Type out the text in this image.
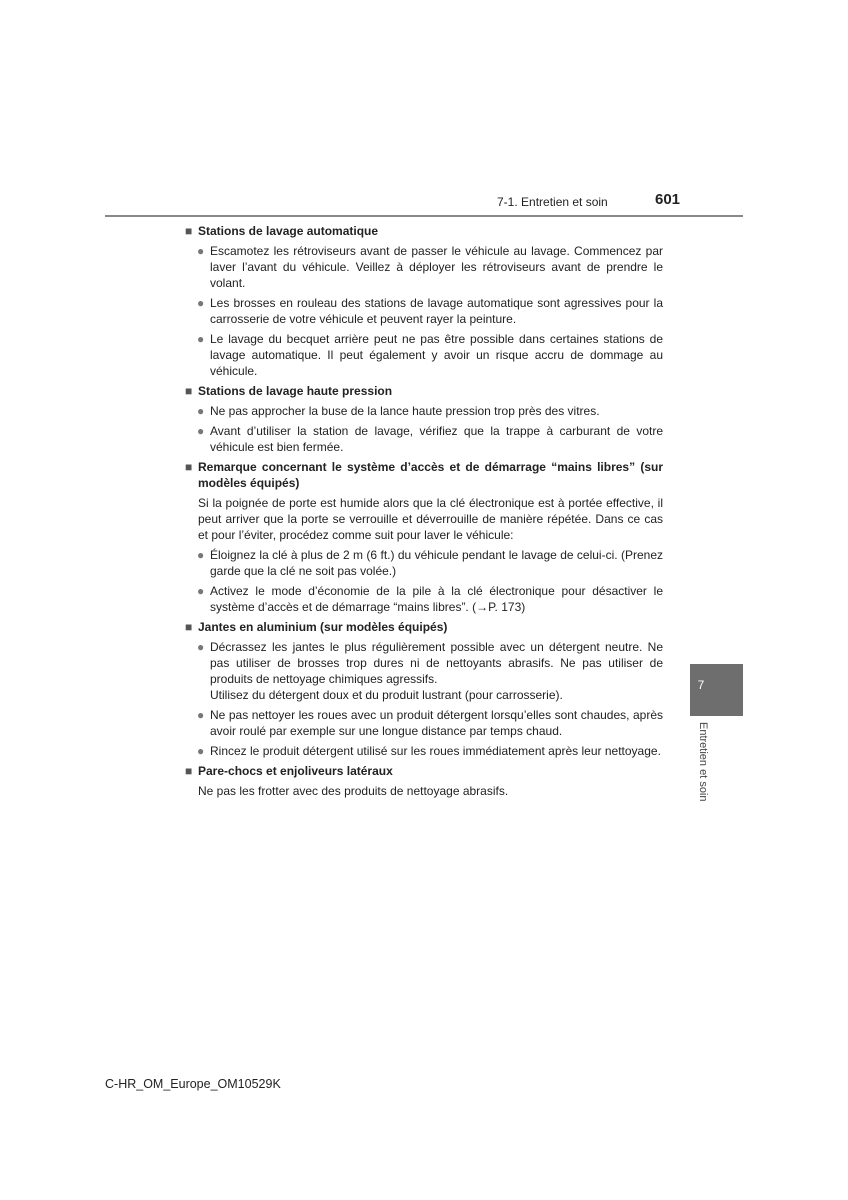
7-1. Entretien et soin	601
■ Stations de lavage automatique
● Escamotez les rétroviseurs avant de passer le véhicule au lavage. Commencez par laver l’avant du véhicule. Veillez à déployer les rétroviseurs avant de prendre le volant.
● Les brosses en rouleau des stations de lavage automatique sont agressives pour la carrosserie de votre véhicule et peuvent rayer la peinture.
● Le lavage du becquet arrière peut ne pas être possible dans certaines stations de lavage automatique. Il peut également y avoir un risque accru de dommage au véhicule.
■ Stations de lavage haute pression
● Ne pas approcher la buse de la lance haute pression trop près des vitres.
● Avant d’utiliser la station de lavage, vérifiez que la trappe à carburant de votre véhicule est bien fermée.
■ Remarque concernant le système d’accès et de démarrage “mains libres” (sur modèles équipés)
Si la poignée de porte est humide alors que la clé électronique est à portée effective, il peut arriver que la porte se verrouille et déverrouille de manière répétée. Dans ce cas et pour l’éviter, procédez comme suit pour laver le véhicule:
● Éloignez la clé à plus de 2 m (6 ft.) du véhicule pendant le lavage de celui-ci. (Prenez garde que la clé ne soit pas volée.)
● Activez le mode d’économie de la pile à la clé électronique pour désactiver le système d’accès et de démarrage “mains libres”. (→P. 173)
■ Jantes en aluminium (sur modèles équipés)
● Décrassez les jantes le plus régulièrement possible avec un détergent neutre. Ne pas utiliser de brosses trop dures ni de nettoyants abrasifs. Ne pas utiliser de produits de nettoyage chimiques agressifs.
Utilisez du détergent doux et du produit lustrant (pour carrosserie).
● Ne pas nettoyer les roues avec un produit détergent lorsqu’elles sont chaudes, après avoir roulé par exemple sur une longue distance par temps chaud.
● Rincez le produit détergent utilisé sur les roues immédiatement après leur nettoyage.
■ Pare-chocs et enjoliveurs latéraux
Ne pas les frotter avec des produits de nettoyage abrasifs.
7
Entretien et soin
C-HR_OM_Europe_OM10529K
